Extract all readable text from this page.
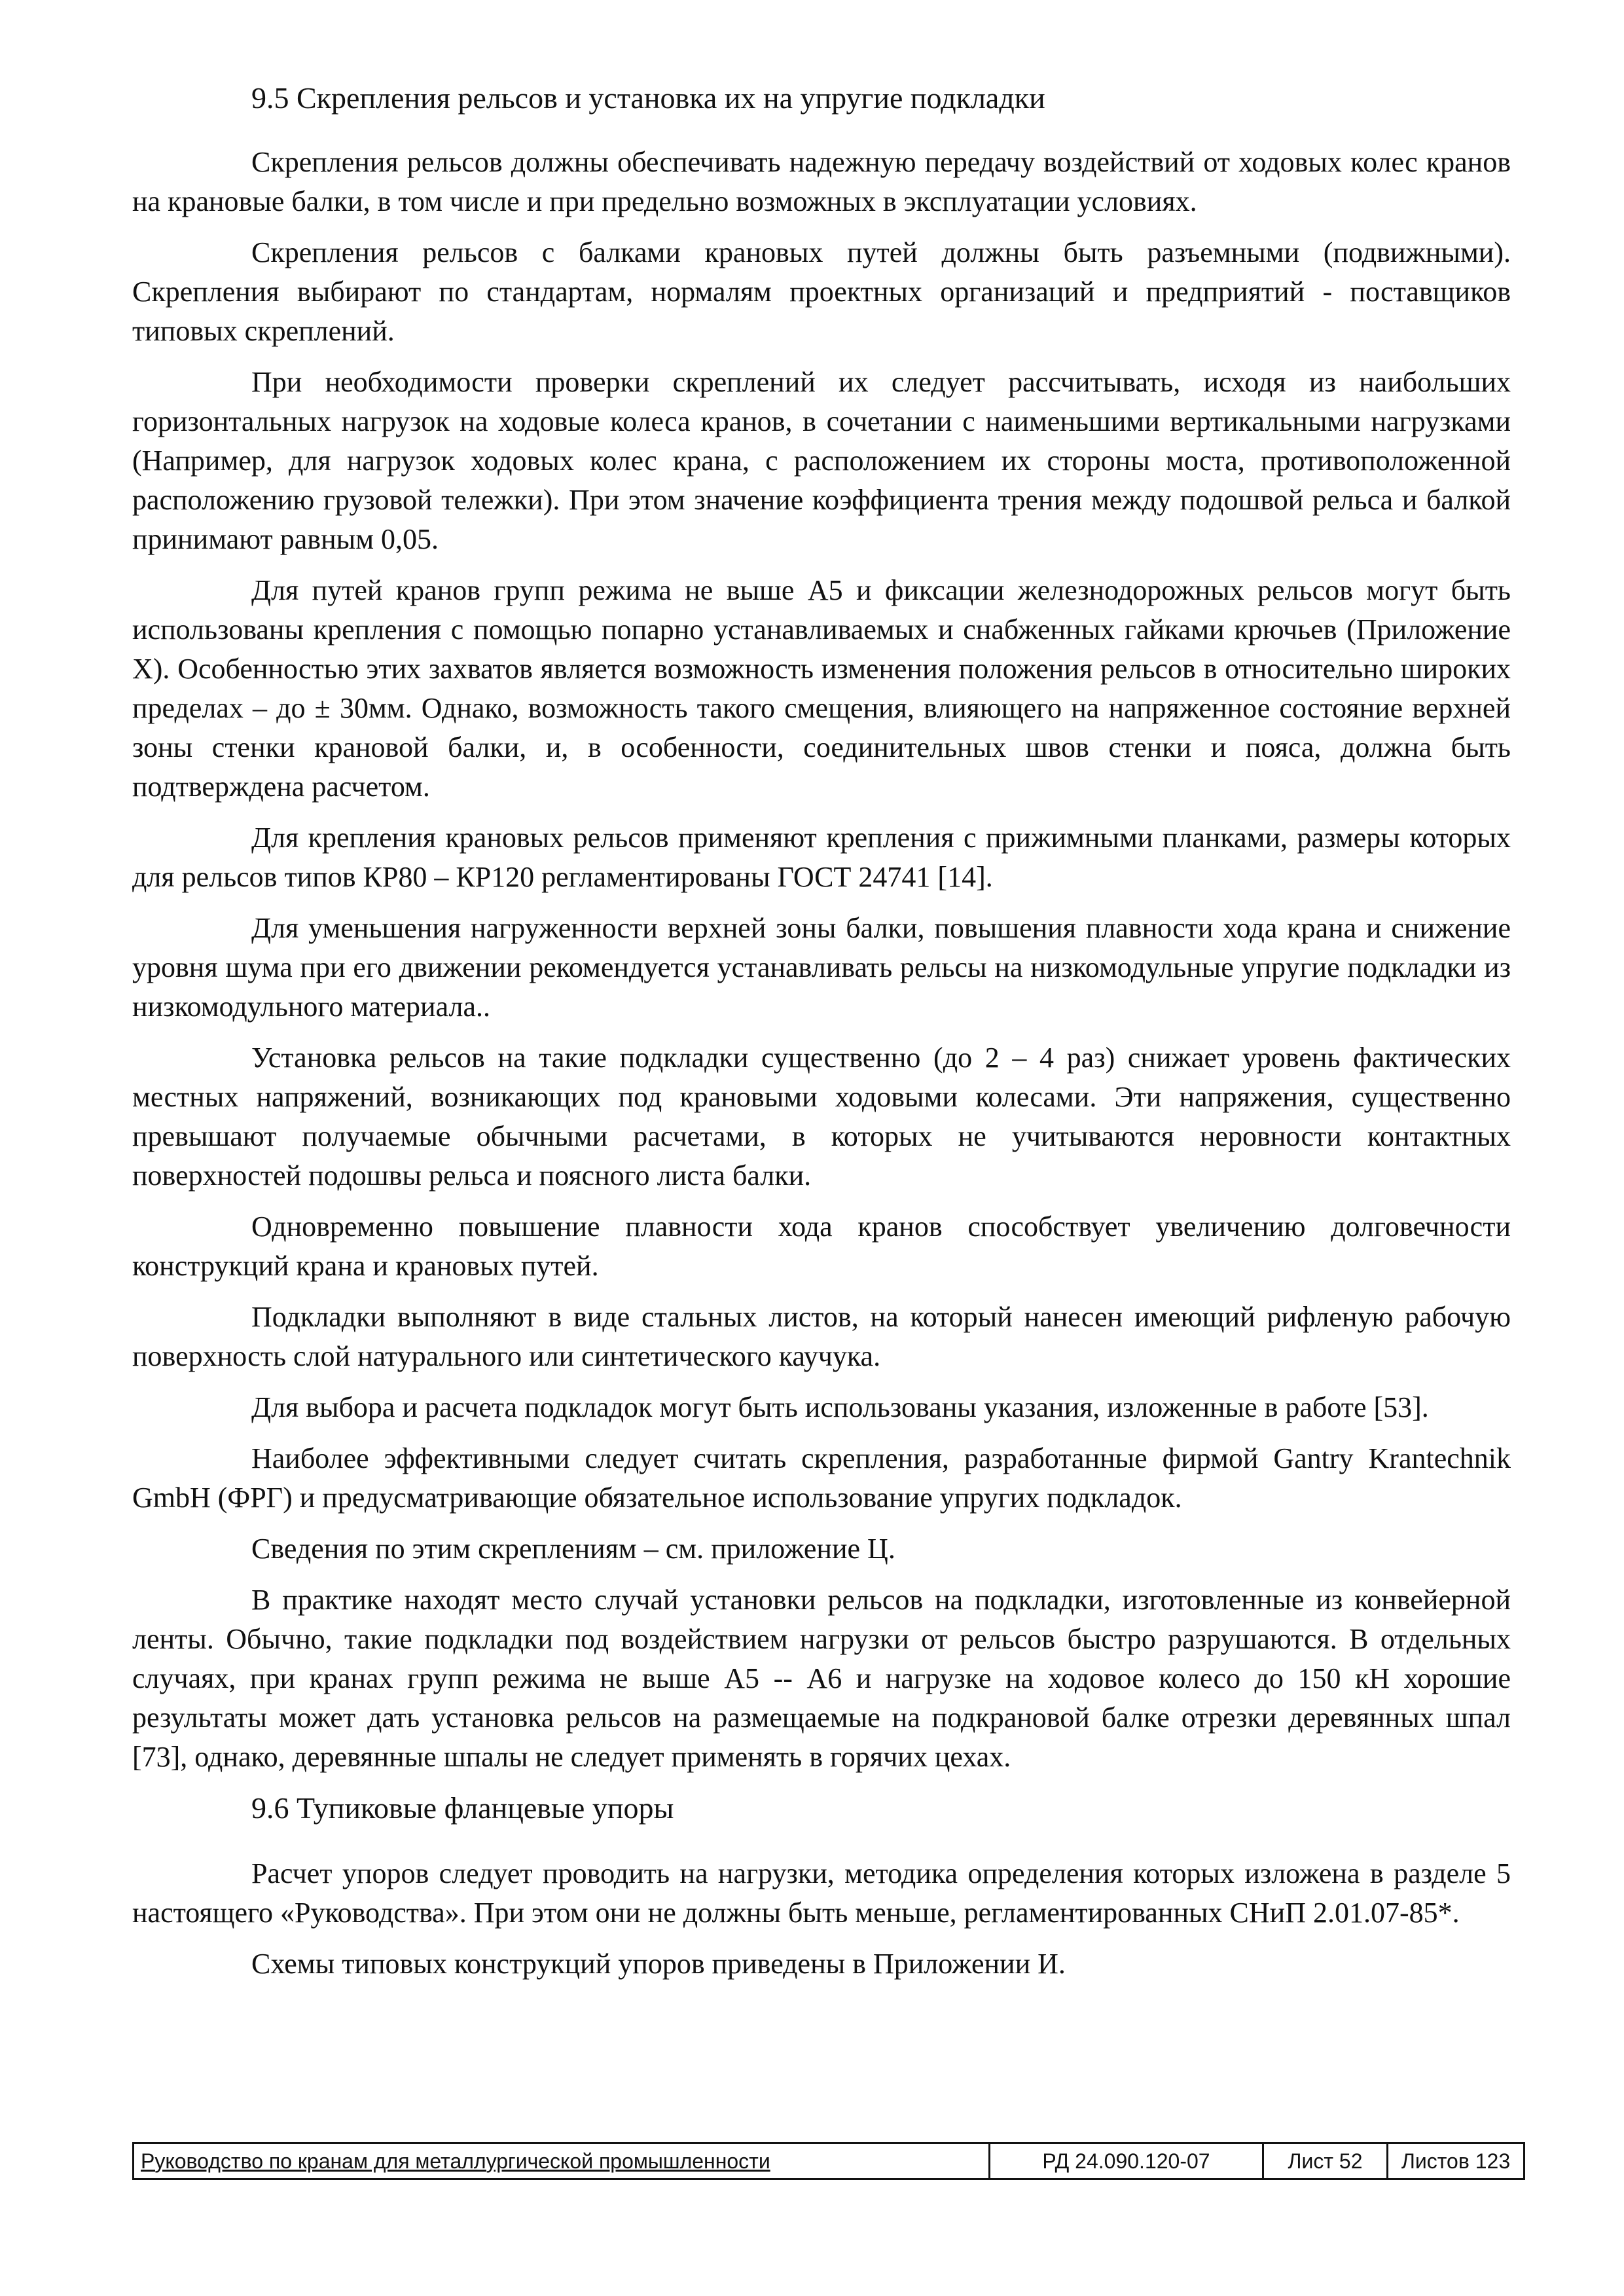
9.5 Скрепления рельсов и установка их на упругие подкладки

Скрепления рельсов должны обеспечивать надежную передачу воздействий от ходовых колес кранов на крановые балки, в том числе и при предельно возможных в эксплуатации условиях.

Скрепления рельсов с балками крановых путей должны быть разъемными (подвижными). Скрепления выбирают по стандартам, нормалям проектных организаций и предприятий - поставщиков типовых скреплений.

При необходимости проверки скреплений их следует рассчитывать, исходя из наибольших горизонтальных нагрузок на ходовые колеса кранов, в сочетании с наименьшими вертикальными нагрузками (Например, для нагрузок ходовых колес крана, с расположением их стороны моста, противоположенной расположению грузовой тележки). При этом значение коэффициента трения между подошвой рельса и балкой принимают равным 0,05.

Для путей кранов групп режима не выше А5 и фиксации железнодорожных рельсов могут быть использованы крепления с помощью попарно устанавливаемых и снабженных гайками крючьев (Приложение X). Особенностью этих захватов является возможность изменения положения рельсов в относительно широких пределах – до ± 30мм. Однако, возможность такого смещения, влияющего на напряженное состояние верхней зоны стенки крановой балки, и, в особенности, соединительных швов стенки и пояса, должна быть подтверждена расчетом.

Для крепления крановых рельсов применяют крепления с прижимными планками, размеры которых для рельсов типов КР80 – КР120 регламентированы ГОСТ 24741 [14].

Для уменьшения нагруженности верхней зоны балки, повышения плавности хода крана и снижение уровня шума при его движении рекомендуется устанавливать рельсы на низкомодульные упругие подкладки из низкомодульного материала..

Установка рельсов на такие подкладки существенно (до 2 – 4 раз) снижает уровень фактических местных напряжений, возникающих под крановыми ходовыми колесами. Эти напряжения, существенно превышают получаемые обычными расчетами, в которых не учитываются неровности контактных поверхностей подошвы рельса и поясного листа балки.

Одновременно повышение плавности хода кранов способствует увеличению долговечности конструкций крана и крановых путей.

Подкладки выполняют в виде стальных листов, на который нанесен имеющий рифленую рабочую поверхность слой натурального или синтетического каучука.

Для выбора и расчета подкладок могут быть использованы указания, изложенные в работе [53].

Наиболее эффективными следует считать скрепления, разработанные фирмой Gantry Krantechnik GmbH (ФРГ) и предусматривающие обязательное использование упругих подкладок.

Сведения по этим скреплениям – см. приложение Ц.

В практике находят место случай установки рельсов на подкладки, изготовленные из конвейерной ленты. Обычно, такие подкладки под воздействием нагрузки от рельсов быстро разрушаются. В отдельных случаях, при кранах групп режима не выше А5 -- А6 и нагрузке на ходовое колесо до 150 кН хорошие результаты может дать установка рельсов на размещаемые на подкрановой балке отрезки деревянных шпал [73], однако, деревянные шпалы не следует применять в горячих цехах.

9.6 Тупиковые фланцевые упоры

Расчет упоров следует проводить на нагрузки, методика определения которых изложена в разделе 5 настоящего «Руководства». При этом они не должны быть меньше, регламентированных СНиП 2.01.07-85*.

Схемы типовых конструкций упоров приведены в Приложении И.

Руководство по кранам для металлургической промышленности	РД 24.090.120-07	Лист 52	Листов 123
